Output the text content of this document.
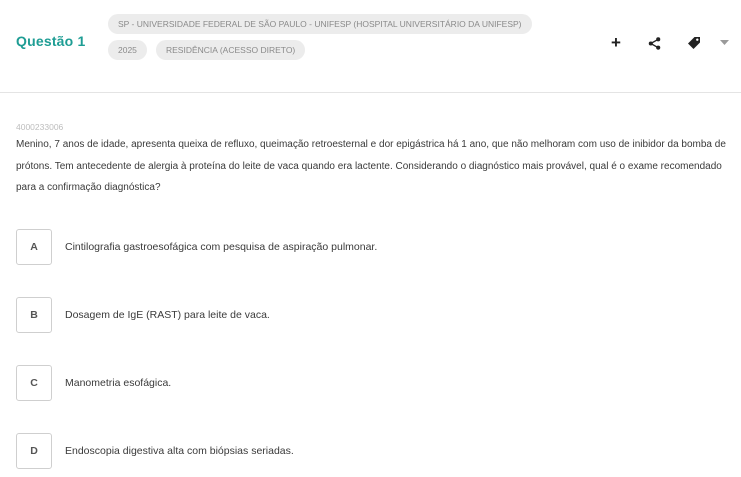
Questão 1
SP - UNIVERSIDADE FEDERAL DE SÃO PAULO - UNIFESP (HOSPITAL UNIVERSITÁRIO DA UNIFESP)
2025	RESIDÊNCIA (ACESSO DIRETO)	+
4000233006
Menino, 7 anos de idade, apresenta queixa de refluxo, queimação retroesternal e dor epigástrica há 1 ano, que não melhoram com uso de inibidor da bomba de prótons. Tem antecedente de alergia à proteína do leite de vaca quando era lactente. Considerando o diagnóstico mais provável, qual é o exame recomendado para a confirmação diagnóstica?
A	Cintilografia gastroesofágica com pesquisa de aspiração pulmonar.
B	Dosagem de IgE (RAST) para leite de vaca.
C	Manometria esofágica.
D	Endoscopia digestiva alta com biópsias seriadas.
